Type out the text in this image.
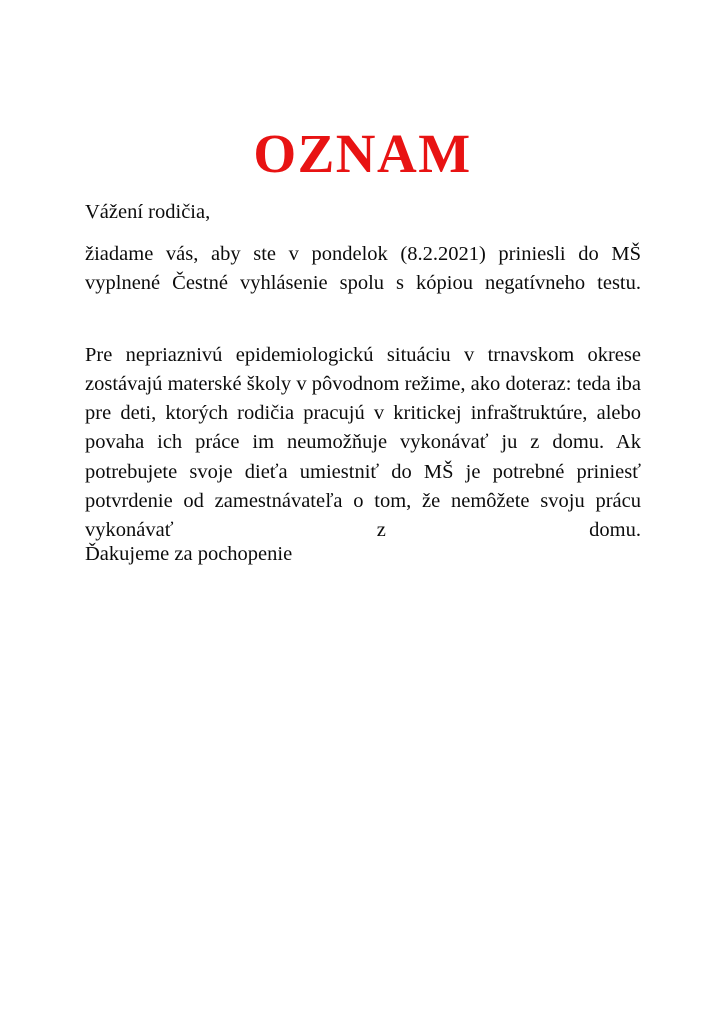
OZNAM

Vážení rodičia,

žiadame vás, aby ste v pondelok (8.2.2021) priniesli do MŠ vyplnené Čestné vyhlásenie spolu s kópiou negatívneho testu.

Pre nepriaznivú epidemiologickú situáciu v trnavskom okrese zostávajú materské školy v pôvodnom režime, ako doteraz: teda iba pre deti, ktorých rodičia pracujú v kritickej infraštruktúre, alebo povaha ich práce im neumožňuje vykonávať ju z domu. Ak potrebujete svoje dieťa umiestniť do MŠ je potrebné priniesť potvrdenie od zamestnávateľa o tom, že nemôžete svoju prácu vykonávať z domu.

Ďakujeme za pochopenie
